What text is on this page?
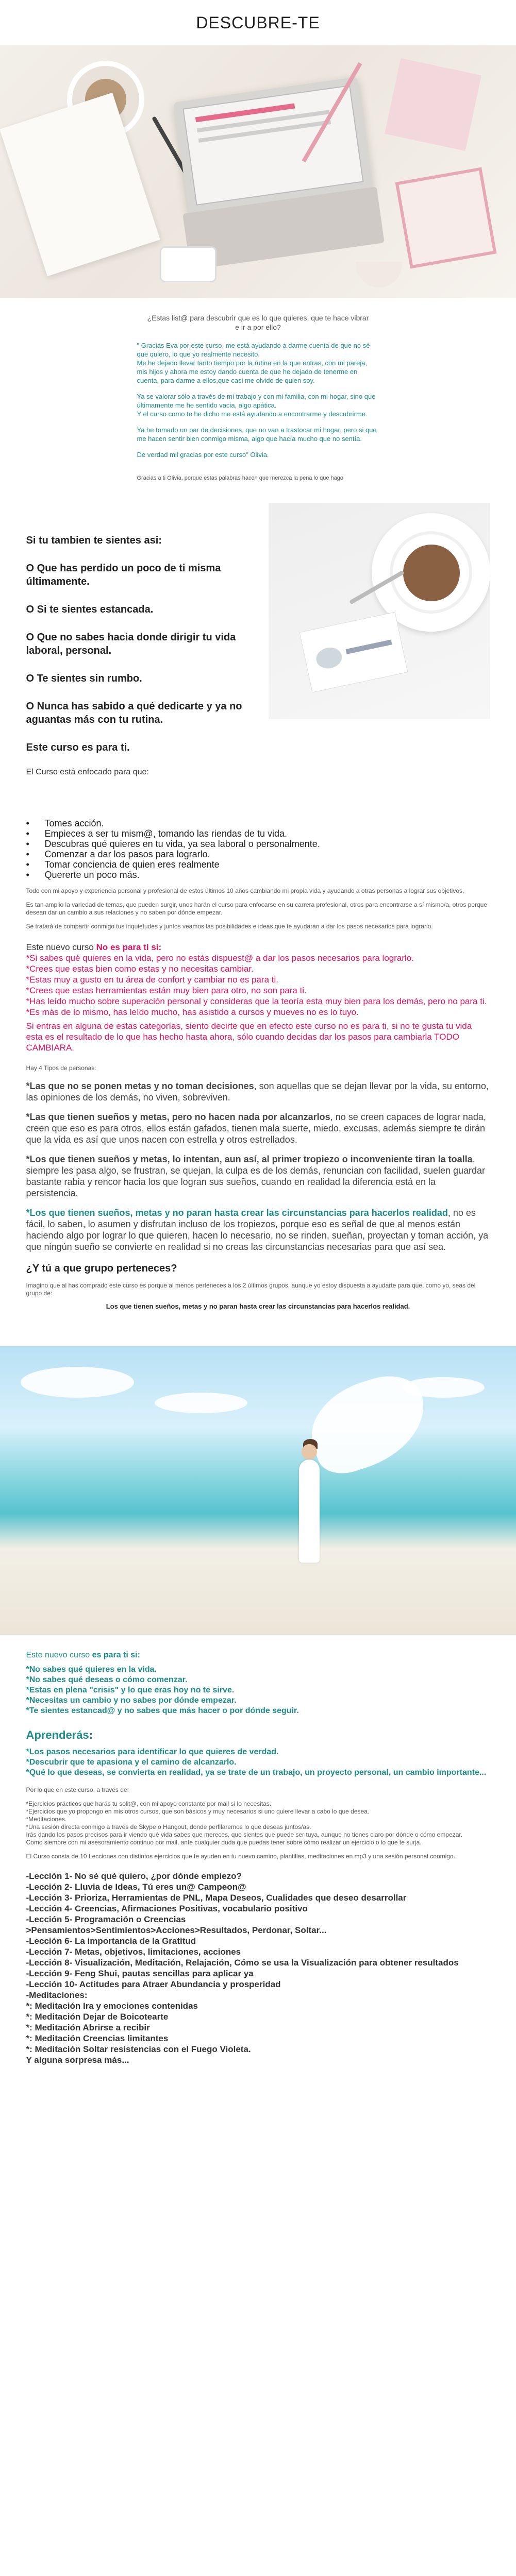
DESCUBRE-TE
¿Estas list@ para descubrir que es lo que quieres, que te hace vibrar e ir a por ello?
" Gracias Eva por este curso, me está ayudando a darme cuenta de que no sé que quiero, lo que yo realmente necesito.
Me he dejado llevar tanto tiempo por la rutina en la que entras, con mi pareja, mis hijos y ahora me estoy dando cuenta de que he dejado de tenerme en cuenta, para darme a ellos,que casi me olvido de quien soy.
Ya se valorar sólo a través de mi trabajo y con mi familia, con mi hogar, sino que últimamente me he sentido vacia, algo apática.
Y el curso como te he dicho me está ayudando a encontrarme y descubrirme.
Ya he tomado un par de decisiones, que no van a trastocar mi hogar, pero si que me hacen sentir bien conmigo misma, algo que hacía mucho que no sentía.
De verdad mil gracias por este curso" Olivia.
Gracias a ti Olivia, porque estas palabras hacen que merezca la pena lo que hago
Si tu tambien te sientes asi:
O Que has perdido un poco de ti misma últimamente.
O Si te sientes estancada.
O Que no sabes hacia donde dirigir tu vida laboral, personal.
O Te sientes sin rumbo.
O Nunca has sabido a qué dedicarte y ya no aguantas más con tu rutina.
Este curso es para ti.
El Curso está enfocado para que:
• Tomes acción.
• Empieces a ser tu mism@, tomando las riendas de tu vida.
• Descubras qué quieres en tu vida, ya sea laboral o personalmente.
• Comenzar a dar los pasos para lograrlo.
• Tomar conciencia de quien eres realmente
• Quererte un poco más.
Todo con mi apoyo y experiencia personal y profesional de estos últimos 10 años cambiando mi propia vida y ayudando a otras personas a lograr sus objetivos.
Es tan amplio la variedad de temas, que pueden surgir, unos harán el curso para enfocarse en su carrera profesional, otros para encontrarse a sí mismo/a, otros porque desean dar un cambio a sus relaciones y no saben por dónde empezar.
Se tratará de compartir conmigo tus inquietudes y juntos veamos las posibilidades e ideas que te ayudaran a dar los pasos necesarios para lograrlo.
Este nuevo curso No es para ti si:
*Si sabes qué quieres en la vida, pero no estás dispuest@ a dar los pasos necesarios para lograrlo.
*Crees que estas bien como estas y no necesitas cambiar.
*Estas muy a gusto en tu área de confort y cambiar no es para ti.
*Crees que estas herramientas están muy bien para otro, no son para ti.
*Has leído mucho sobre superación personal y consideras que la teoría esta muy bien para los demás, pero no para ti.
*Es más de lo mismo, has leído mucho, has asistido a cursos y mueves no es lo tuyo.
Si entras en alguna de estas categorías, siento decirte que en efecto este curso no es para ti, si no te gusta tu vida esta es el resultado de lo que has hecho hasta ahora, sólo cuando decidas dar los pasos para cambiarla TODO CAMBIARA.
Hay 4 Tipos de personas:
*Las que no se ponen metas y no toman decisiones, son aquellas que se dejan llevar por la vida, su entorno, las opiniones de los demás, no viven, sobreviven.
*Las que tienen sueños y metas, pero no hacen nada por alcanzarlos, no se creen capaces de lograr nada, creen que eso es para otros, ellos están gafados, tienen mala suerte, miedo, excusas, además siempre te dirán que la vida es así que unos nacen con estrella y otros estrellados.
*Los que tienen sueños y metas, lo intentan, aun así, al primer tropiezo o inconveniente tiran la toalla, siempre les pasa algo, se frustran, se quejan, la culpa es de los demás, renuncian con facilidad, suelen guardar bastante rabia y rencor hacia los que logran sus sueños, cuando en realidad la diferencia está en la persistencia.
*Los que tienen sueños, metas y no paran hasta crear las circunstancias para hacerlos realidad, no es fácil, lo saben, lo asumen y disfrutan incluso de los tropiezos, porque eso es señal de que al menos están haciendo algo por lograr lo que quieren, hacen lo necesario, no se rinden, sueñan, proyectan y toman acción, ya que ningún sueño se convierte en realidad si no creas las circunstancias necesarias para que así sea.
¿Y tú a que grupo perteneces?
Imagino que al has comprado este curso es porque al menos perteneces a los 2 últimos grupos, aunque yo estoy dispuesta a ayudarte para que, como yo, seas del grupo de:
Los que tienen sueños, metas y no paran hasta crear las circunstancias para hacerlos realidad.
Este nuevo curso es para ti si:
*No sabes qué quieres en la vida.
*No sabes qué deseas o cómo comenzar.
*Estas en plena "crisis" y lo que eras hoy no te sirve.
*Necesitas un cambio y no sabes por dónde empezar.
*Te sientes estancad@ y no sabes que más hacer o por dónde seguir.
Aprenderás:
*Los pasos necesarios para identificar lo que quieres de verdad.
*Descubrir que te apasiona y el camino de alcanzarlo.
*Qué lo que deseas, se convierta en realidad, ya se trate de un trabajo, un proyecto personal, un cambio importante...
Por lo que en este curso, a través de:
*Ejercicios prácticos que harás tu solit@, con mi apoyo constante por mail si lo necesitas.
*Ejercicios que yo propongo en mis otros cursos, que son básicos y muy necesarios si uno quiere llevar a cabo lo que desea.
*Meditaciones.
*Una sesión directa conmigo a través de Skype o Hangout, donde perfilaremos lo que deseas juntos/as.
Irás dando los pasos precisos para ir viendo qué vida sabes que mereces, que sientes que puede ser tuya, aunque no tienes claro por dónde o cómo empezar.
Como siempre con mi asesoramiento continuo por mail, ante cualquier duda que puedas tener sobre cómo realizar un ejercicio o lo que te surja.
El Curso consta de 10 Lecciones con distintos ejercicios que te ayuden en tu nuevo camino, plantillas, meditaciones en mp3 y una sesión personal conmigo.
-Lección 1- No sé qué quiero, ¿por dónde empiezo?
-Lección 2- Lluvia de Ideas, Tú eres un@ Campeon@
-Lección 3- Prioriza, Herramientas de PNL, Mapa Deseos, Cualidades que deseo desarrollar
-Lección 4- Creencias, Afirmaciones Positivas, vocabulario positivo
-Lección 5- Programación o Creencias
>Pensamientos>Sentimientos>Acciones>Resultados, Perdonar, Soltar...
-Lección 6- La importancia de la Gratitud
-Lección 7- Metas, objetivos, limitaciones, acciones
-Lección 8- Visualización, Meditación, Relajación, Cómo se usa la Visualización para obtener resultados
-Lección 9- Feng Shui, pautas sencillas para aplicar ya
-Lección 10- Actitudes para Atraer Abundancia y prosperidad
-Meditaciones:
*: Meditación Ira y emociones contenidas
*: Meditación Dejar de Boicotearte
*: Meditación Abrirse a recibir
*: Meditación Creencias limitantes
*: Meditación Soltar resistencias con el Fuego Violeta.
Y alguna sorpresa más...
